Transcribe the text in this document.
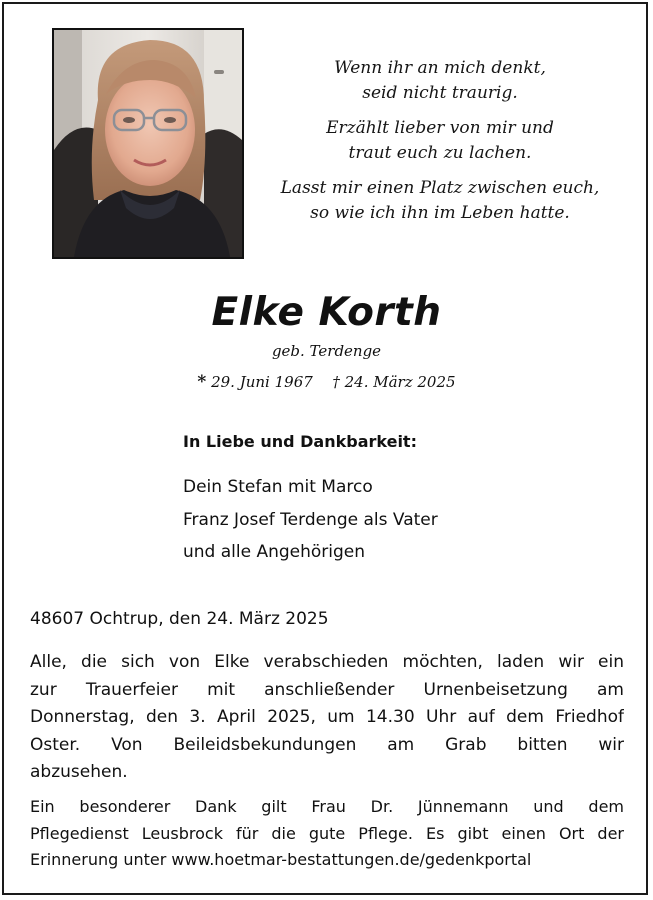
Wenn ihr an mich denkt,
seid nicht traurig.
Erzählt lieber von mir und
traut euch zu lachen.
Lasst mir einen Platz zwischen euch,
so wie ich ihn im Leben hatte.
Elke Korth
geb. Terdenge
* 29. Juni 1967 † 24. März 2025
In Liebe und Dankbarkeit:
Dein Stefan mit Marco
Franz Josef Terdenge als Vater
und alle Angehörigen
48607 Ochtrup, den 24. März 2025
Alle, die sich von Elke verabschieden möchten, laden wir ein
zur Trauerfeier mit anschließender Urnenbeisetzung am
Donnerstag, den 3. April 2025, um 14.30 Uhr auf dem Friedhof
Oster. Von Beileidsbekundungen am Grab bitten wir
abzusehen.
Ein besonderer Dank gilt Frau Dr. Jünnemann und dem
Pflegedienst Leusbrock für die gute Pflege. Es gibt einen Ort der
Erinnerung unter www.hoetmar-bestattungen.de/gedenkportal
